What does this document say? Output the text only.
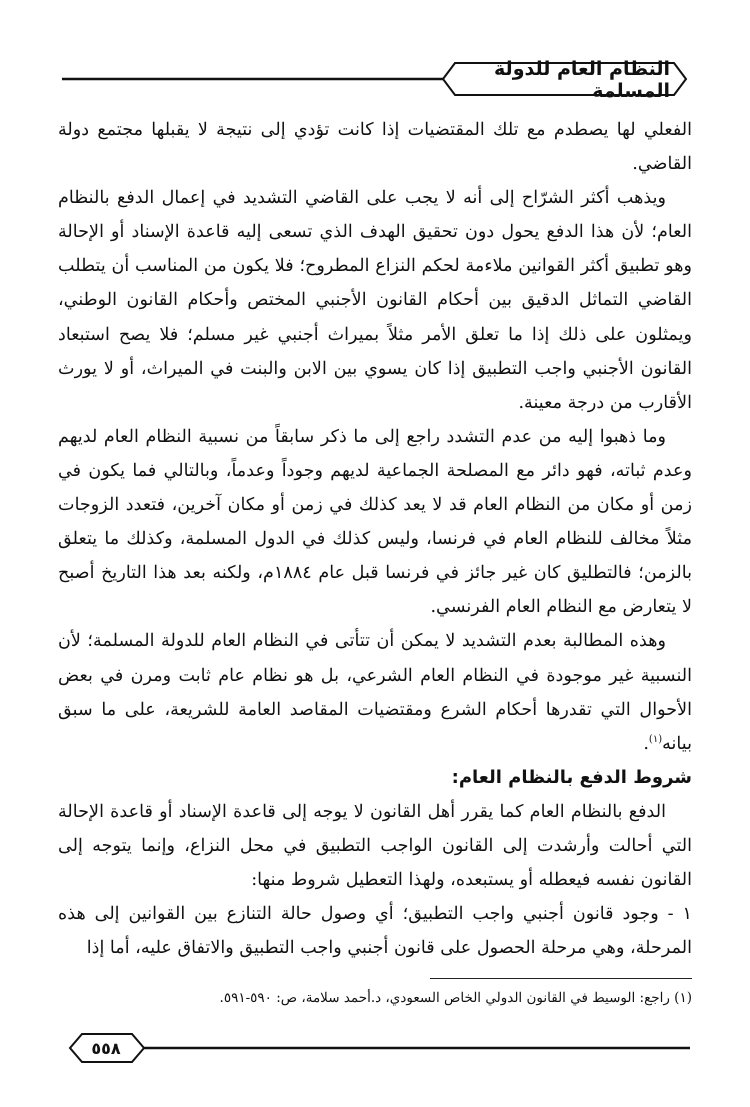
النظام العام للدولة المسلمة

الفعلي لها يصطدم مع تلك المقتضيات إذا كانت تؤدي إلى نتيجة لا يقبلها مجتمع دولة القاضي.

ويذهب أكثر الشرّاح إلى أنه لا يجب على القاضي التشديد في إعمال الدفع بالنظام العام؛ لأن هذا الدفع يحول دون تحقيق الهدف الذي تسعى إليه قاعدة الإسناد أو الإحالة وهو تطبيق أكثر القوانين ملاءمة لحكم النزاع المطروح؛ فلا يكون من المناسب أن يتطلب القاضي التماثل الدقيق بين أحكام القانون الأجنبي المختص وأحكام القانون الوطني، ويمثلون على ذلك إذا ما تعلق الأمر مثلاً بميراث أجنبي غير مسلم؛ فلا يصح استبعاد القانون الأجنبي واجب التطبيق إذا كان يسوي بين الابن والبنت في الميراث، أو لا يورث الأقارب من درجة معينة.

وما ذهبوا إليه من عدم التشدد راجع إلى ما ذكر سابقاً من نسبية النظام العام لديهم وعدم ثباته، فهو دائر مع المصلحة الجماعية لديهم وجوداً وعدماً، وبالتالي فما يكون في زمن أو مكان من النظام العام قد لا يعد كذلك في زمن أو مكان آخرين، فتعدد الزوجات مثلاً مخالف للنظام العام في فرنسا، وليس كذلك في الدول المسلمة، وكذلك ما يتعلق بالزمن؛ فالتطليق كان غير جائز في فرنسا قبل عام ١٨٨٤م، ولكنه بعد هذا التاريخ أصبح لا يتعارض مع النظام العام الفرنسي.

وهذه المطالبة بعدم التشديد لا يمكن أن تتأتى في النظام العام للدولة المسلمة؛ لأن النسبية غير موجودة في النظام العام الشرعي، بل هو نظام عام ثابت ومرن في بعض الأحوال التي تقدرها أحكام الشرع ومقتضيات المقاصد العامة للشريعة، على ما سبق بيانه$^{(١)}$.

شروط الدفع بالنظام العام:

الدفع بالنظام العام كما يقرر أهل القانون لا يوجه إلى قاعدة الإسناد أو قاعدة الإحالة التي أحالت وأرشدت إلى القانون الواجب التطبيق في محل النزاع، وإنما يتوجه إلى القانون نفسه فيعطله أو يستبعده، ولهذا التعطيل شروط منها:

١ - وجود قانون أجنبي واجب التطبيق؛ أي وصول حالة التنازع بين القوانين إلى هذه المرحلة، وهي مرحلة الحصول على قانون أجنبي واجب التطبيق والاتفاق عليه، أما إذا

(١) راجع: الوسيط في القانون الدولي الخاص السعودي، د.أحمد سلامة، ص: ٥٩٠-٥٩١.
٥٥٨
